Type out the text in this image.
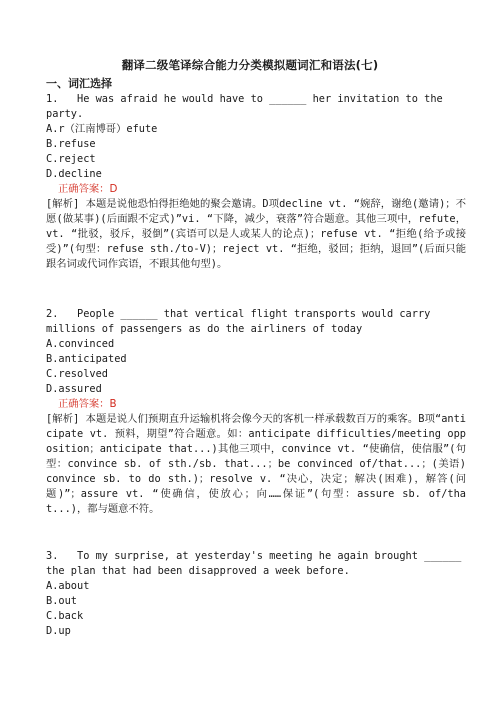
翻译二级笔译综合能力分类模拟题词汇和语法(七)
一、词汇选择

1.   He was afraid he would have to ______ her invitation to the
party.

A.r（江南博哥）efute

B.refuse

C.reject

D.decline

正确答案：D

[解析] 本题是说他恐怕得拒绝她的聚会邀请。D项decline vt. “婉辞，谢绝(邀请)；不愿(做某事)(后面跟不定式)”vi. “下降，减少，衰落”符合题意。其他三项中，refute，vt. “批驳，驳斥，驳倒”(宾语可以是人或某人的论点)；refuse vt. “拒绝(给予或接受)”(句型：refuse sth./to-V)；reject vt. “拒绝，驳回；拒纳，退回”(后面只能跟名词或代词作宾语，不跟其他句型)。

2.   People ______ that vertical flight transports would carry
millions of passengers as do the airliners of today

A.convinced

B.anticipated

C.resolved

D.assured

正确答案：B

[解析] 本题是说人们预期直升运输机将会像今天的客机一样承载数百万的乘客。B项“anticipate vt. 预料，期望”符合题意。如：anticipate difficulties/meeting opposition；anticipate that...)其他三项中，convince vt. “使确信，使信服”(句型：convince sb. of sth./sb. that...；be convinced of/that...；(美语)convince sb. to do sth.)；resolve v. “决心，决定；解决(困难)，解答(问题)”；assure vt. “使确信，使放心；向……保证”(句型：assure sb. of/that...)，都与题意不符。

3.   To my surprise, at yesterday's meeting he again brought ______
the plan that had been disapproved a week before.

A.about

B.out

C.back

D.up
